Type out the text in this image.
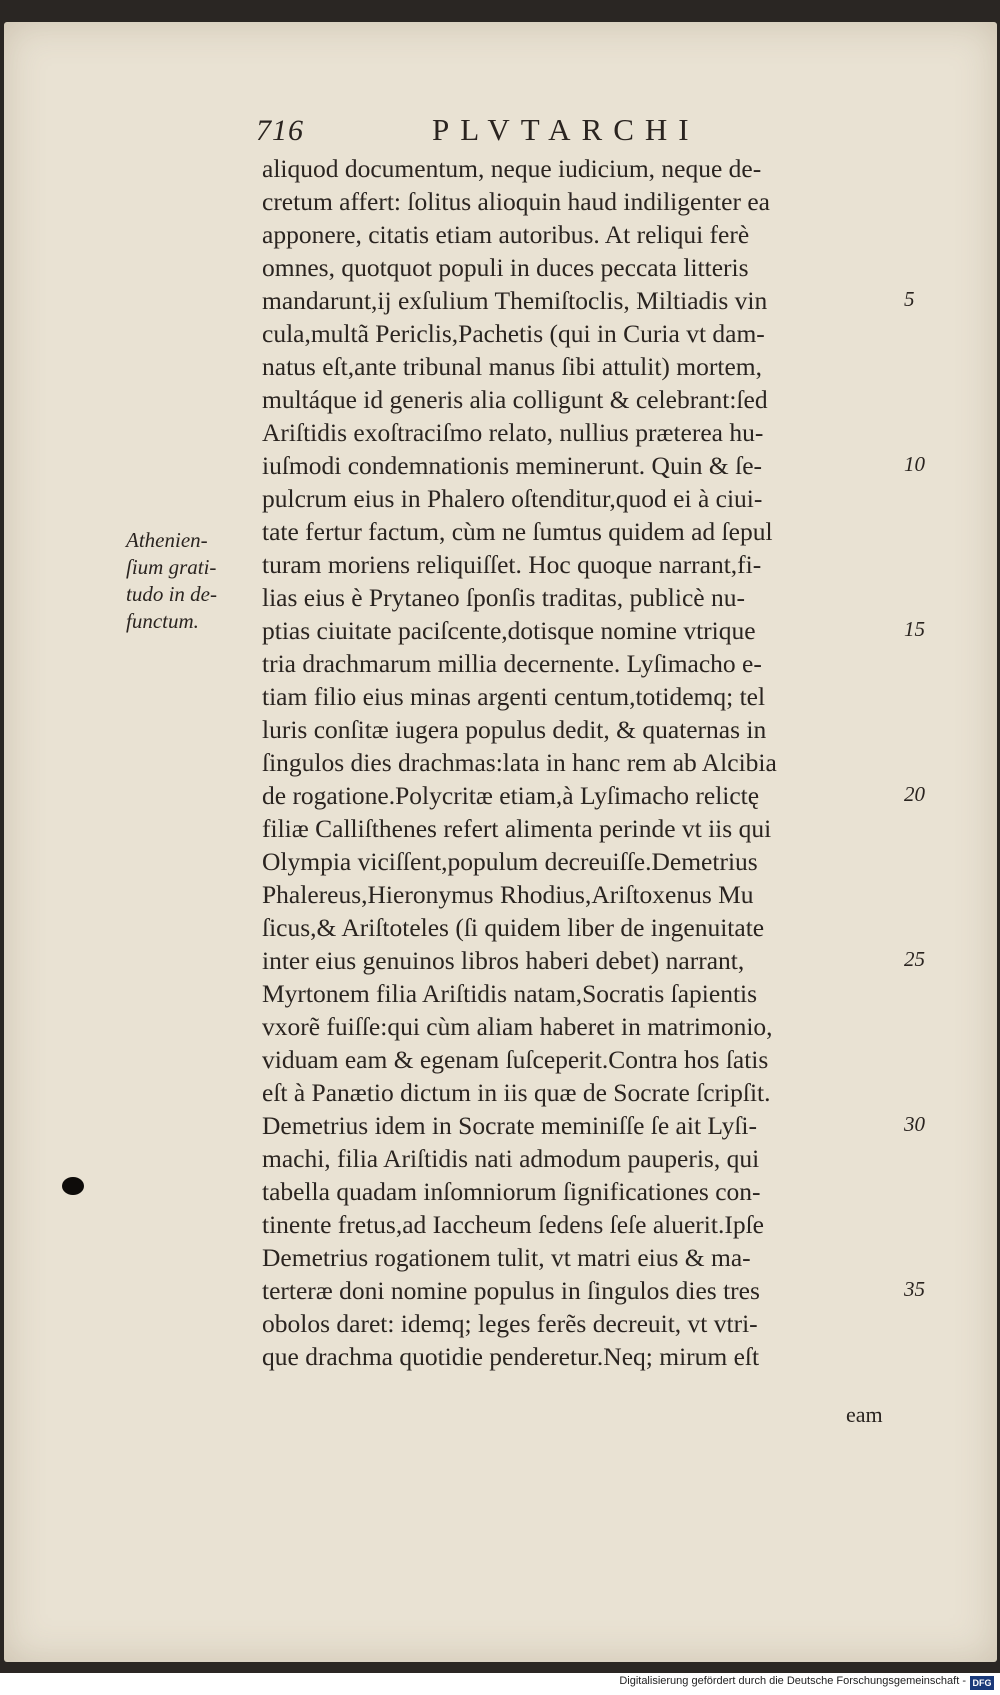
716	PLVTARCHI
aliquod documentum, neque iudicium, neque de-
cretum affert: ſolitus alioquin haud indiligenter ea
apponere, citatis etiam autoribus. At reliqui ferè
omnes, quotquot populi in duces peccata litteris
mandarunt,ij exſulium Themiſtoclis, Miltiadis vin
cula,multã Periclis,Pachetis (qui in Curia vt dam-
natus eſt,ante tribunal manus ſibi attulit) mortem,
multáque id generis alia colligunt & celebrant:ſed
Ariſtidis exoſtraciſmo relato, nullius præterea hu-
iuſmodi condemnationis meminerunt. Quin & ſe-
pulcrum eius in Phalero oſtenditur,quod ei à ciui-
tate fertur factum, cùm ne ſumtus quidem ad ſepul
turam moriens reliquiſſet. Hoc quoque narrant,fi-
lias eius è Prytaneo ſponſis traditas, publicè nu-
ptias ciuitate paciſcente,dotisque nomine vtrique
tria drachmarum millia decernente. Lyſimacho e-
tiam filio eius minas argenti centum,totidemq; tel
luris conſitæ iugera populus dedit, & quaternas in
ſingulos dies drachmas:lata in hanc rem ab Alcibia
de rogatione.Polycritæ etiam,à Lyſimacho relictę
filiæ Calliſthenes refert alimenta perinde vt iis qui
Olympia viciſſent,populum decreuiſſe.Demetrius
Phalereus,Hieronymus Rhodius,Ariſtoxenus Mu
ſicus,& Ariſtoteles (ſi quidem liber de ingenuitate
inter eius genuinos libros haberi debet) narrant,
Myrtonem filia Ariſtidis natam,Socratis ſapientis
vxorẽ fuiſſe:qui cùm aliam haberet in matrimonio,
viduam eam & egenam ſuſceperit.Contra hos ſatis
eſt à Panætio dictum in iis quæ de Socrate ſcripſit.
Demetrius idem in Socrate meminiſſe ſe ait Lyſi-
machi, filia Ariſtidis nati admodum pauperis, qui
tabella quadam inſomniorum ſignificationes con-
tinente fretus,ad Iaccheum ſedens ſeſe aluerit.Ipſe
Demetrius rogationem tulit, vt matri eius & ma-
terteræ doni nomine populus in ſingulos dies tres
obolos daret: idemq; leges ferẽs decreuit, vt vtri-
que drachma quotidie penderetur.Neq; mirum eſt
eam
5
10
15
20
25
30
35
Athenien-
ſium grati-
tudo in de-
functum.
Digitalisierung gefördert durch die Deutsche Forschungsgemeinschaft - DFG
